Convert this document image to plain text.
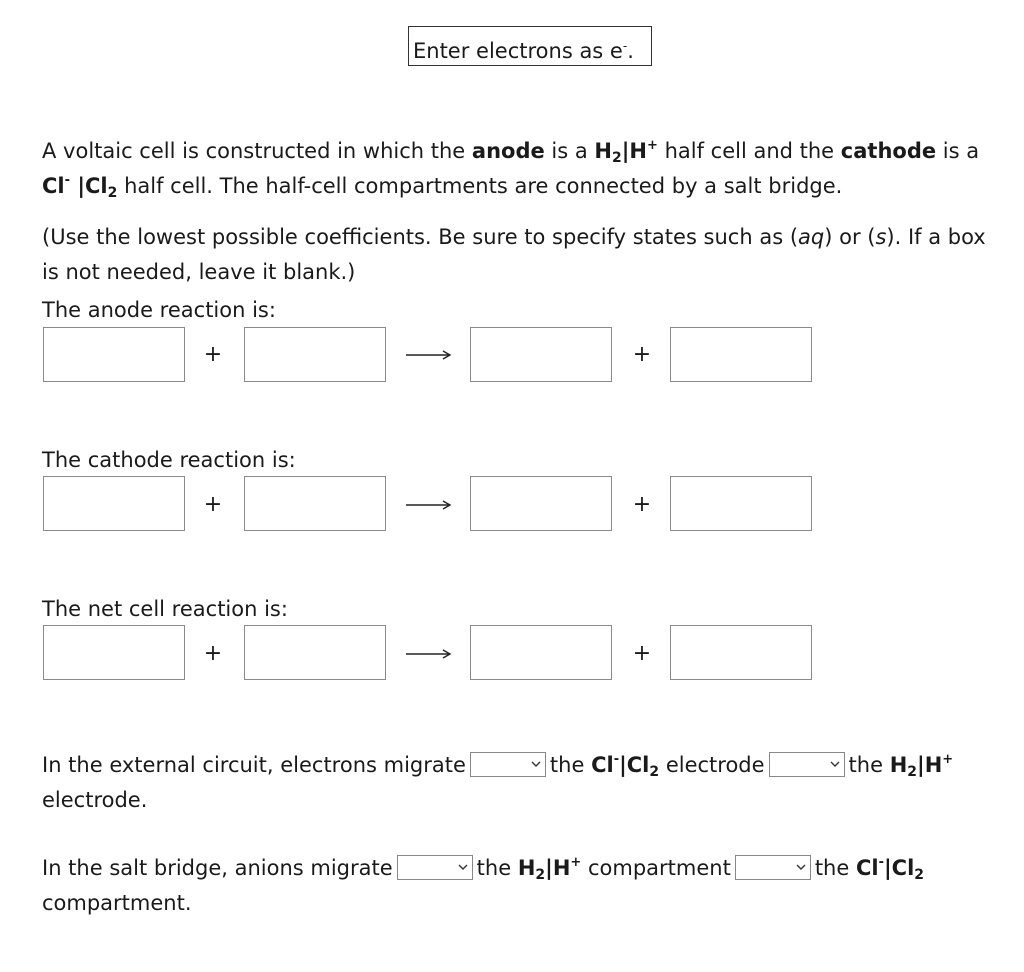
Enter electrons as e-.
A voltaic cell is constructed in which the anode is a $H_2|H^+$ half cell and the cathode is a Cl- $|Cl_2$ half cell. The half-cell compartments are connected by a salt bridge.
(Use the lowest possible coefficients. Be sure to specify states such as (aq) or (s). If a box is not needed, leave it blank.)
The anode reaction is:
+	+
The cathode reaction is:
+	+
The net cell reaction is:
+	+
In the external circuit, electrons migrate	the $Cl^-|Cl_2$ electrode	the $H_2|H^+$
electrode.
In the salt bridge, anions migrate	the $H_2|H^+$ compartment	the $Cl^-|Cl_2$
compartment.
